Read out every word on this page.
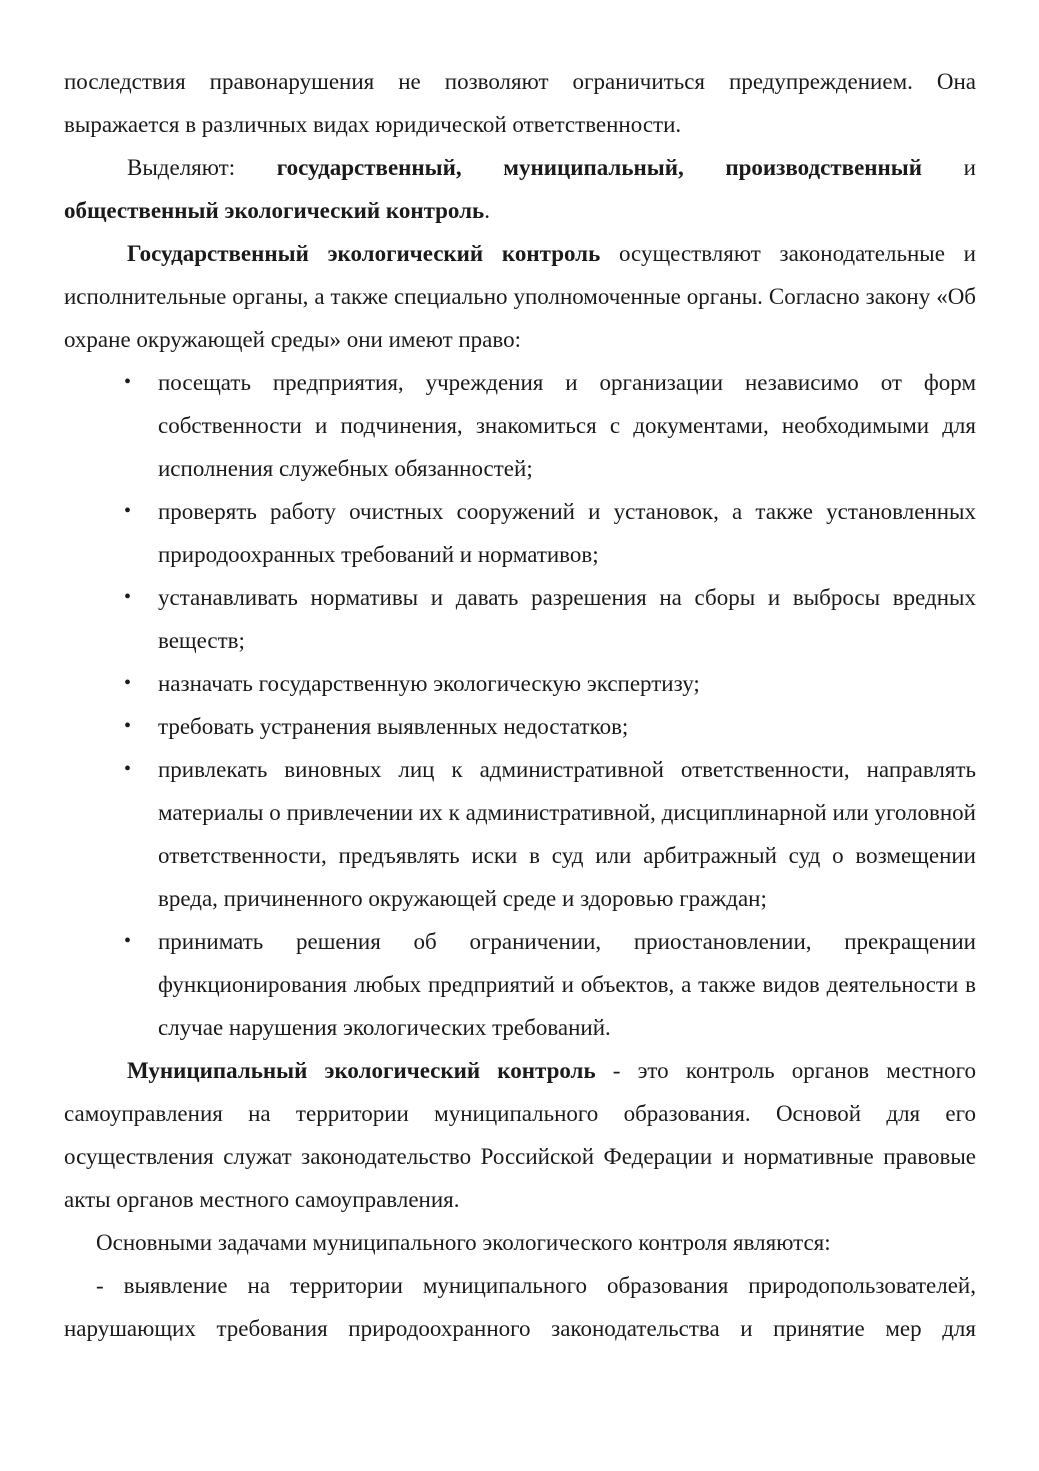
последствия правонарушения не позволяют ограничиться предупреждением. Она выражается в различных видах юридической ответственности.

Выделяют: государственный, муниципальный, производственный и общественный экологический контроль.

Государственный экологический контроль осуществляют законодательные и исполнительные органы, а также специально уполномоченные органы. Согласно закону «Об охране окружающей среды» они имеют право:

• посещать предприятия, учреждения и организации независимо от форм собственности и подчинения, знакомиться с документами, необходимыми для исполнения служебных обязанностей;
• проверять работу очистных сооружений и установок, а также установленных природоохранных требований и нормативов;
• устанавливать нормативы и давать разрешения на сборы и выбросы вредных веществ;
• назначать государственную экологическую экспертизу;
• требовать устранения выявленных недостатков;
• привлекать виновных лиц к административной ответственности, направлять материалы о привлечении их к административной, дисциплинарной или уголовной ответственности, предъявлять иски в суд или арбитражный суд о возмещении вреда, причиненного окружающей среде и здоровью граждан;
• принимать решения об ограничении, приостановлении, прекращении функционирования любых предприятий и объектов, а также видов деятельности в случае нарушения экологических требований.

Муниципальный экологический контроль - это контроль органов местного самоуправления на территории муниципального образования. Основой для его осуществления служат законодательство Российской Федерации и нормативные правовые акты органов местного самоуправления.

Основными задачами муниципального экологического контроля являются:

- выявление на территории муниципального образования природопользователей, нарушающих требования природоохранного законодательства и принятие мер для
